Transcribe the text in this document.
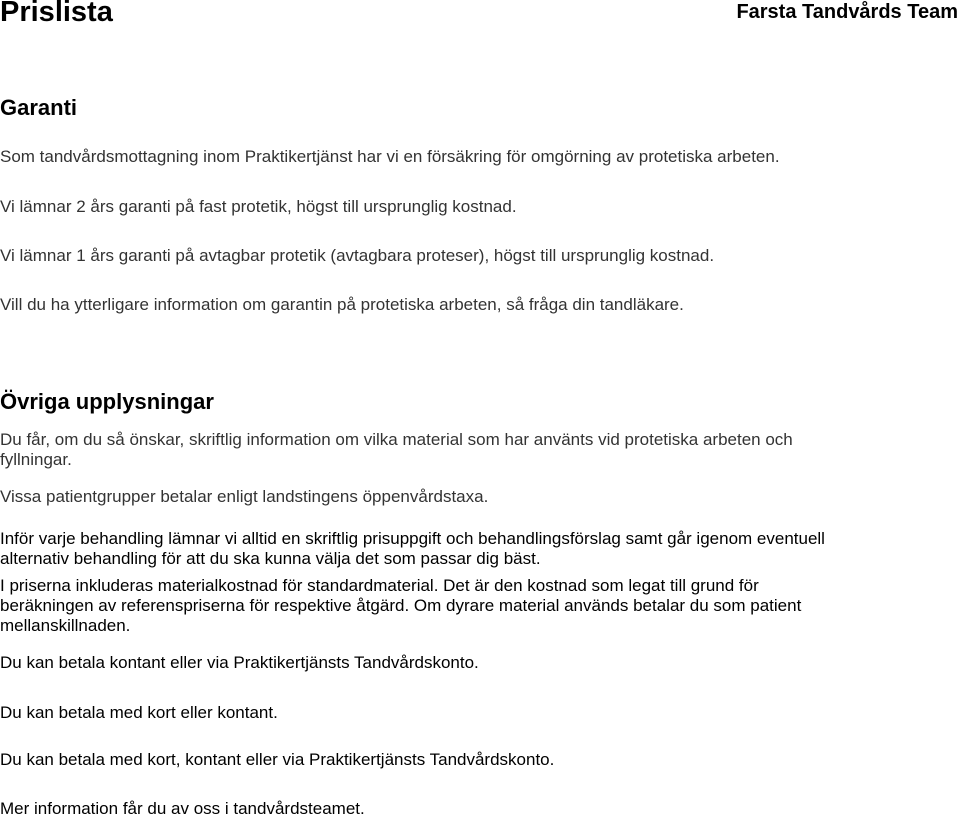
Prislista	Farsta Tandvårds Team
Garanti
Som tandvårdsmottagning inom Praktikertjänst har vi en försäkring för omgörning av protetiska arbeten.
Vi lämnar 2 års garanti på fast protetik, högst till ursprunglig kostnad.
Vi lämnar 1 års garanti på avtagbar protetik (avtagbara proteser), högst till ursprunglig kostnad.
Vill du ha ytterligare information om garantin på protetiska arbeten, så fråga din tandläkare.
Övriga upplysningar
Du får, om du så önskar, skriftlig information om vilka material som har använts vid protetiska arbeten och
fyllningar.
Vissa patientgrupper betalar enligt landstingens öppenvårdstaxa.
Inför varje behandling lämnar vi alltid en skriftlig prisuppgift och behandlingsförslag samt går igenom eventuell
alternativ behandling för att du ska kunna välja det som passar dig bäst.
I priserna inkluderas materialkostnad för standardmaterial. Det är den kostnad som legat till grund för
beräkningen av referenspriserna för respektive åtgärd. Om dyrare material används betalar du som patient
mellanskillnaden.
Du kan betala kontant eller via Praktikertjänsts Tandvårdskonto.
Du kan betala med kort eller kontant.
Du kan betala med kort, kontant eller via Praktikertjänsts Tandvårdskonto.
Mer information får du av oss i tandvårdsteamet.
